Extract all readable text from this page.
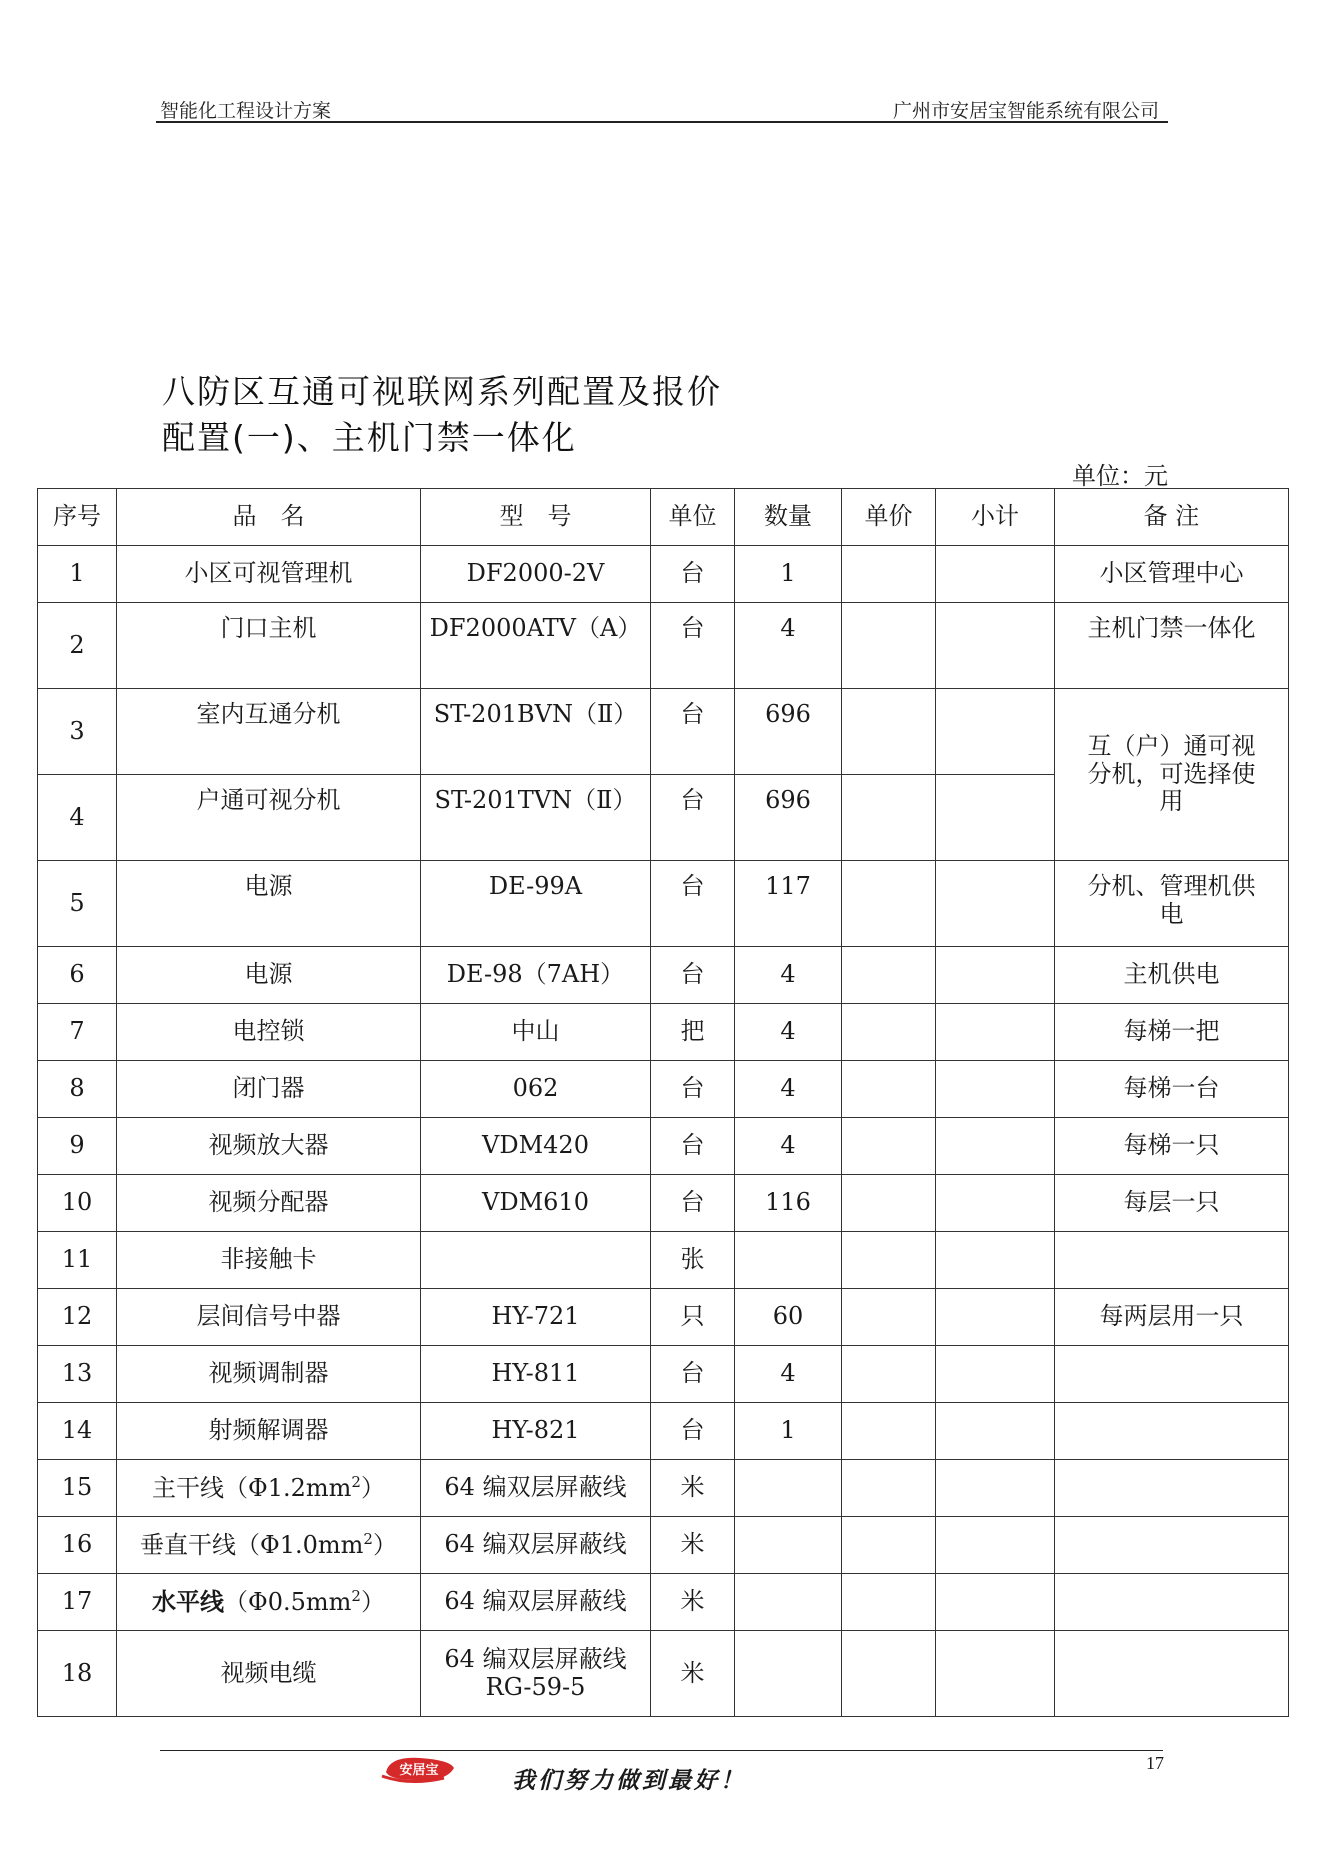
智能化工程设计方案	广州市安居宝智能系统有限公司
八防区互通可视联网系列配置及报价
配置(一)、主机门禁一体化
单位：元
序号	品　名	型　号	单位	数量	单价	小计	备 注
1	小区可视管理机	DF2000-2V	台	1			小区管理中心
2	门口主机	DF2000ATV（A）	台	4			主机门禁一体化
3	室内互通分机	ST-201BVN（Ⅱ）	台	696			互（户）通可视分机，可选择使用
4	户通可视分机	ST-201TVN（Ⅱ）	台	696			
5	电源	DE-99A	台	117			分机、管理机供电
6	电源	DE-98（7AH）	台	4			主机供电
7	电控锁	中山	把	4			每梯一把
8	闭门器	062	台	4			每梯一台
9	视频放大器	VDM420	台	4			每梯一只
10	视频分配器	VDM610	台	116			每层一只
11	非接触卡		张				
12	层间信号中器	HY-721	只	60			每两层用一只
13	视频调制器	HY-811	台	4			
14	射频解调器	HY-821	台	1			
15	主干线$(\Phi 1.2mm^2)$	64 编双层屏蔽线	米				
16	垂直干线$(\Phi 1.0mm^2)$	64 编双层屏蔽线	米				
17	水平线$(\Phi 0.5mm^2)$	64 编双层屏蔽线	米				
18	视频电缆	64 编双层屏蔽线 RG-59-5	米				
安居宝	我们努力做到最好！
17
